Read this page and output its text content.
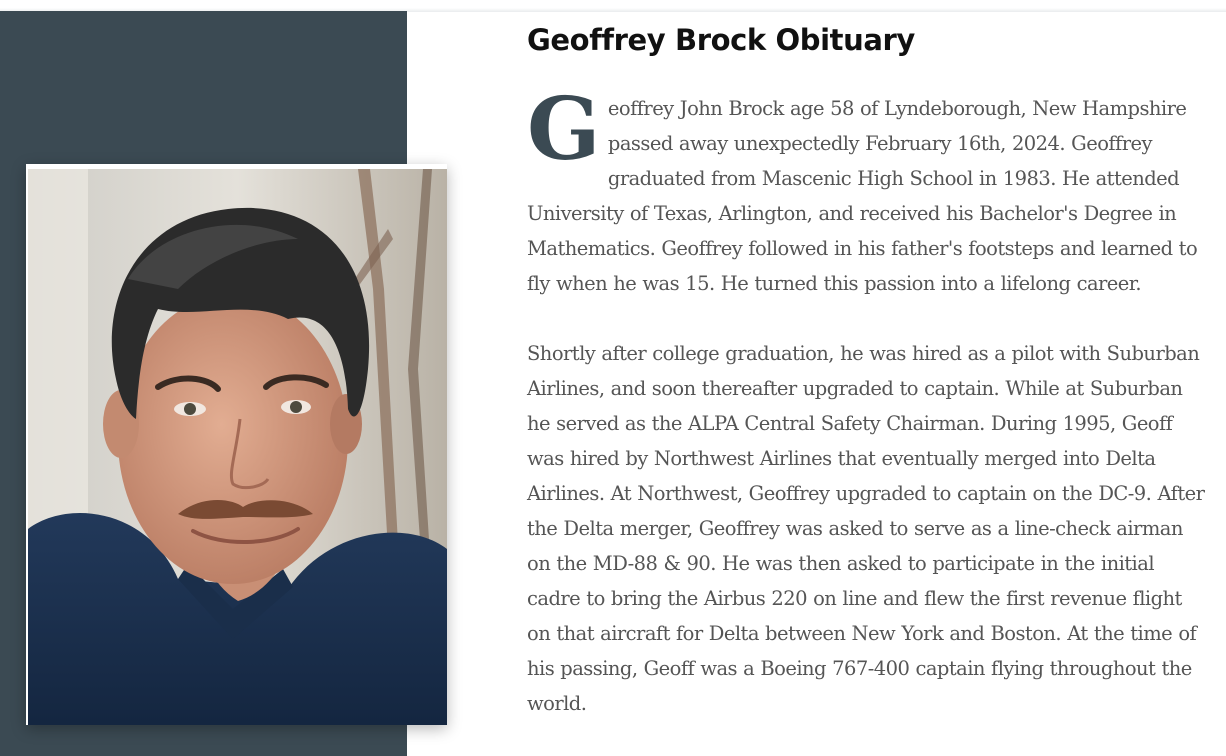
Geoffrey Brock Obituary

Geoffrey John Brock age 58 of Lyndeborough, New Hampshire passed away unexpectedly February 16th, 2024. Geoffrey graduated from Mascenic High School in 1983. He attended University of Texas, Arlington, and received his Bachelor's Degree in Mathematics. Geoffrey followed in his father's footsteps and learned to fly when he was 15. He turned this passion into a lifelong career.

Shortly after college graduation, he was hired as a pilot with Suburban Airlines, and soon thereafter upgraded to captain. While at Suburban he served as the ALPA Central Safety Chairman. During 1995, Geoff was hired by Northwest Airlines that eventually merged into Delta Airlines. At Northwest, Geoffrey upgraded to captain on the DC-9. After the Delta merger, Geoffrey was asked to serve as a line-check airman on the MD-88 & 90. He was then asked to participate in the initial cadre to bring the Airbus 220 on line and flew the first revenue flight on that aircraft for Delta between New York and Boston. At the time of his passing, Geoff was a Boeing 767-400 captain flying throughout the world.
